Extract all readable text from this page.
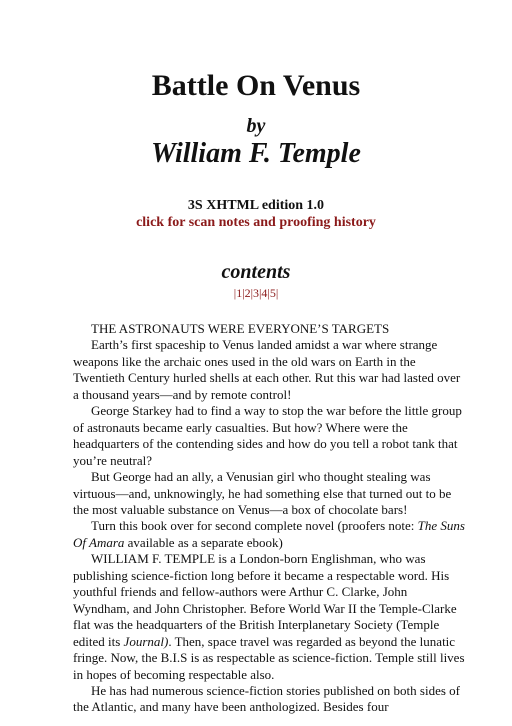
Battle On Venus
by
William F. Temple
3S XHTML edition 1.0
click for scan notes and proofing history
contents
|1|2|3|4|5|

THE ASTRONAUTS WERE EVERYONE’S TARGETS

Earth’s first spaceship to Venus landed amidst a war where strange weapons like the archaic ones used in the old wars on Earth in the Twentieth Century hurled shells at each other. Rut this war had lasted over a thousand years—and by remote control!

George Starkey had to find a way to stop the war before the little group of astronauts became early casualties. But how? Where were the headquarters of the contending sides and how do you tell a robot tank that you’re neutral?

But George had an ally, a Venusian girl who thought stealing was virtuous—and, unknowingly, he had something else that turned out to be the most valuable substance on Venus—a box of chocolate bars!

Turn this book over for second complete novel (proofers note: The Suns Of Amara available as a separate ebook)

WILLIAM F. TEMPLE is a London-born Englishman, who was publishing science-fiction long before it became a respectable word. His youthful friends and fellow-authors were Arthur C. Clarke, John Wyndham, and John Christopher. Before World War II the Temple-Clarke flat was the headquarters of the British Interplanetary Society (Temple edited its Journal). Then, space travel was regarded as beyond the lunatic fringe. Now, the B.I.S is as respectable as science-fiction. Temple still lives in hopes of becoming respectable also.

He has had numerous science-fiction stories published on both sides of the Atlantic, and many have been anthologized. Besides four
